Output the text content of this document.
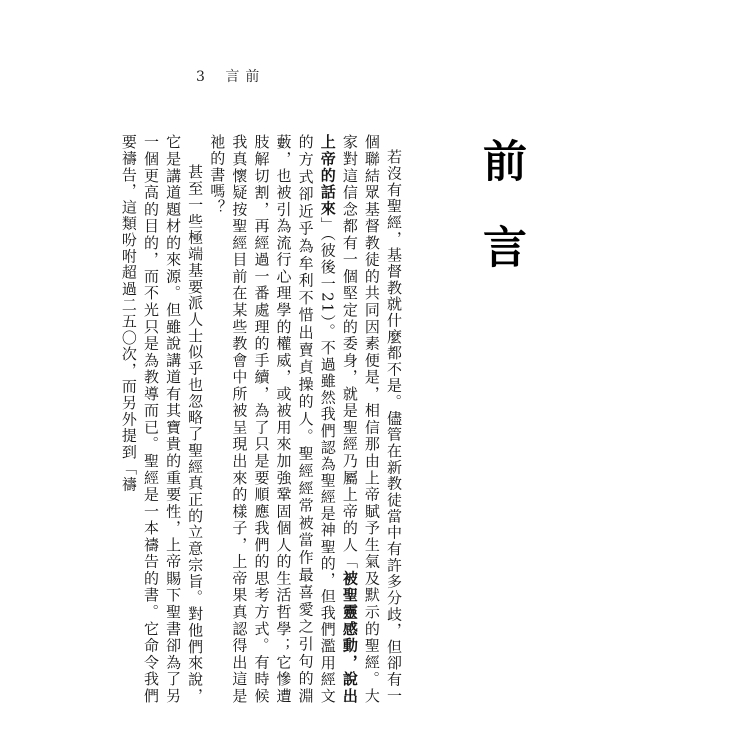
3 言前
前言

若沒有聖經，基督教就什麼都不是。儘管在新教徒當中有許多分歧，但卻有一個聯結眾基督教徒的共同因素便是，相信那由上帝賦予生氣及默示的聖經。大家對這信念都有一個堅定的委身，就是聖經乃屬上帝的人「被聖靈感動，說出上帝的話來」（彼後一21）。不過雖然我們認為聖經是神聖的，但我們濫用經文的方式卻近乎為牟利不惜出賣貞操的人。聖經經常被當作最喜愛之引句的淵藪，也被引為流行心理學的權威，或被用來加強鞏固個人的生活哲學；它慘遭肢解切割，再經過一番處理的手續，為了只是要順應我們的思考方式。有時候我真懷疑按聖經目前在某些教會中所被呈現出來的樣子，上帝果真認得出這是祂的書嗎？

甚至一些極端基要派人士似乎也忽略了聖經真正的立意宗旨。對他們來說，它是講道題材的來源。但雖說講道有其寶貴的重要性，上帝賜下聖書卻為了另一個更高的目的，而不光只是為教導而已。聖經是一本禱告的書。它命令我們要禱告，這類吩咐超過二五〇次，而另外提到「禱
